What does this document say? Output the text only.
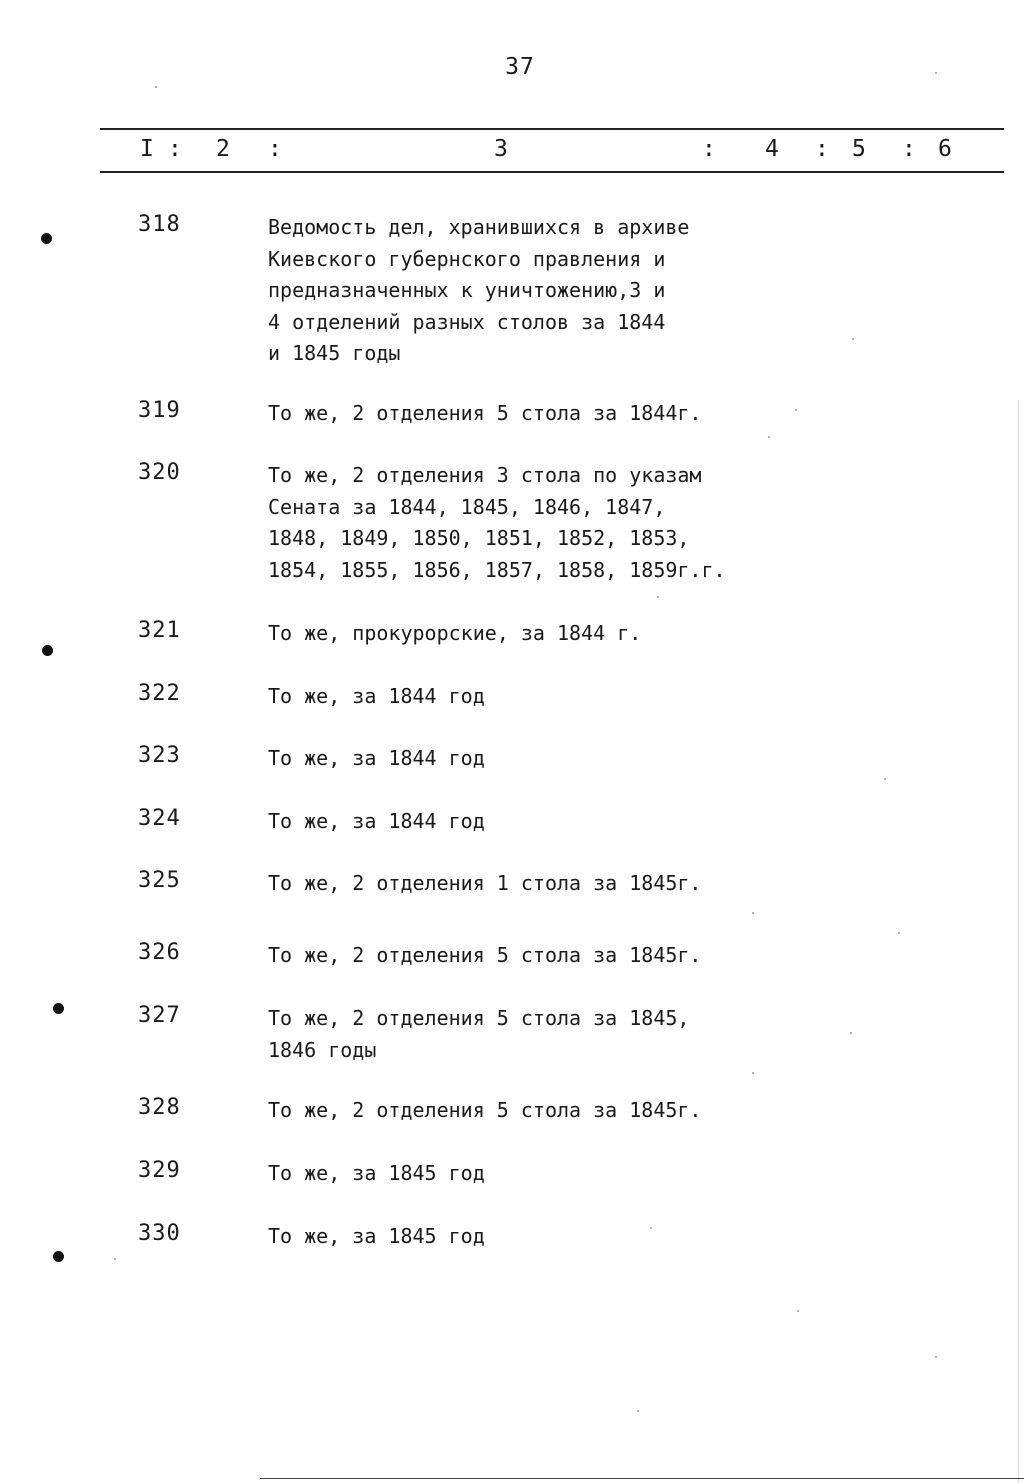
37
I : 2 :	3	: 4 : 5 : 6
318	Ведомость дел, хранившихся в архиве
Киевского губернского правления и
предназначенных к уничтожению,3 и
4 отделений разных столов за 1844
и 1845 годы
319	То же, 2 отделения 5 стола за 1844г.
320	То же, 2 отделения 3 стола по указам
Сената за 1844, 1845, 1846, 1847,
1848, 1849, 1850, 1851, 1852, 1853,
1854, 1855, 1856, 1857, 1858, 1859г.г.
321	То же, прокурорские, за 1844 г.
322	То же, за 1844 год
323	То же, за 1844 год
324	То же, за 1844 год
325	То же, 2 отделения 1 стола за 1845г.
326	То же, 2 отделения 5 стола за 1845г.
327	То же, 2 отделения 5 стола за 1845,
1846 годы
328	То же, 2 отделения 5 стола за 1845г.
329	То же, за 1845 год
330	То же, за 1845 год
